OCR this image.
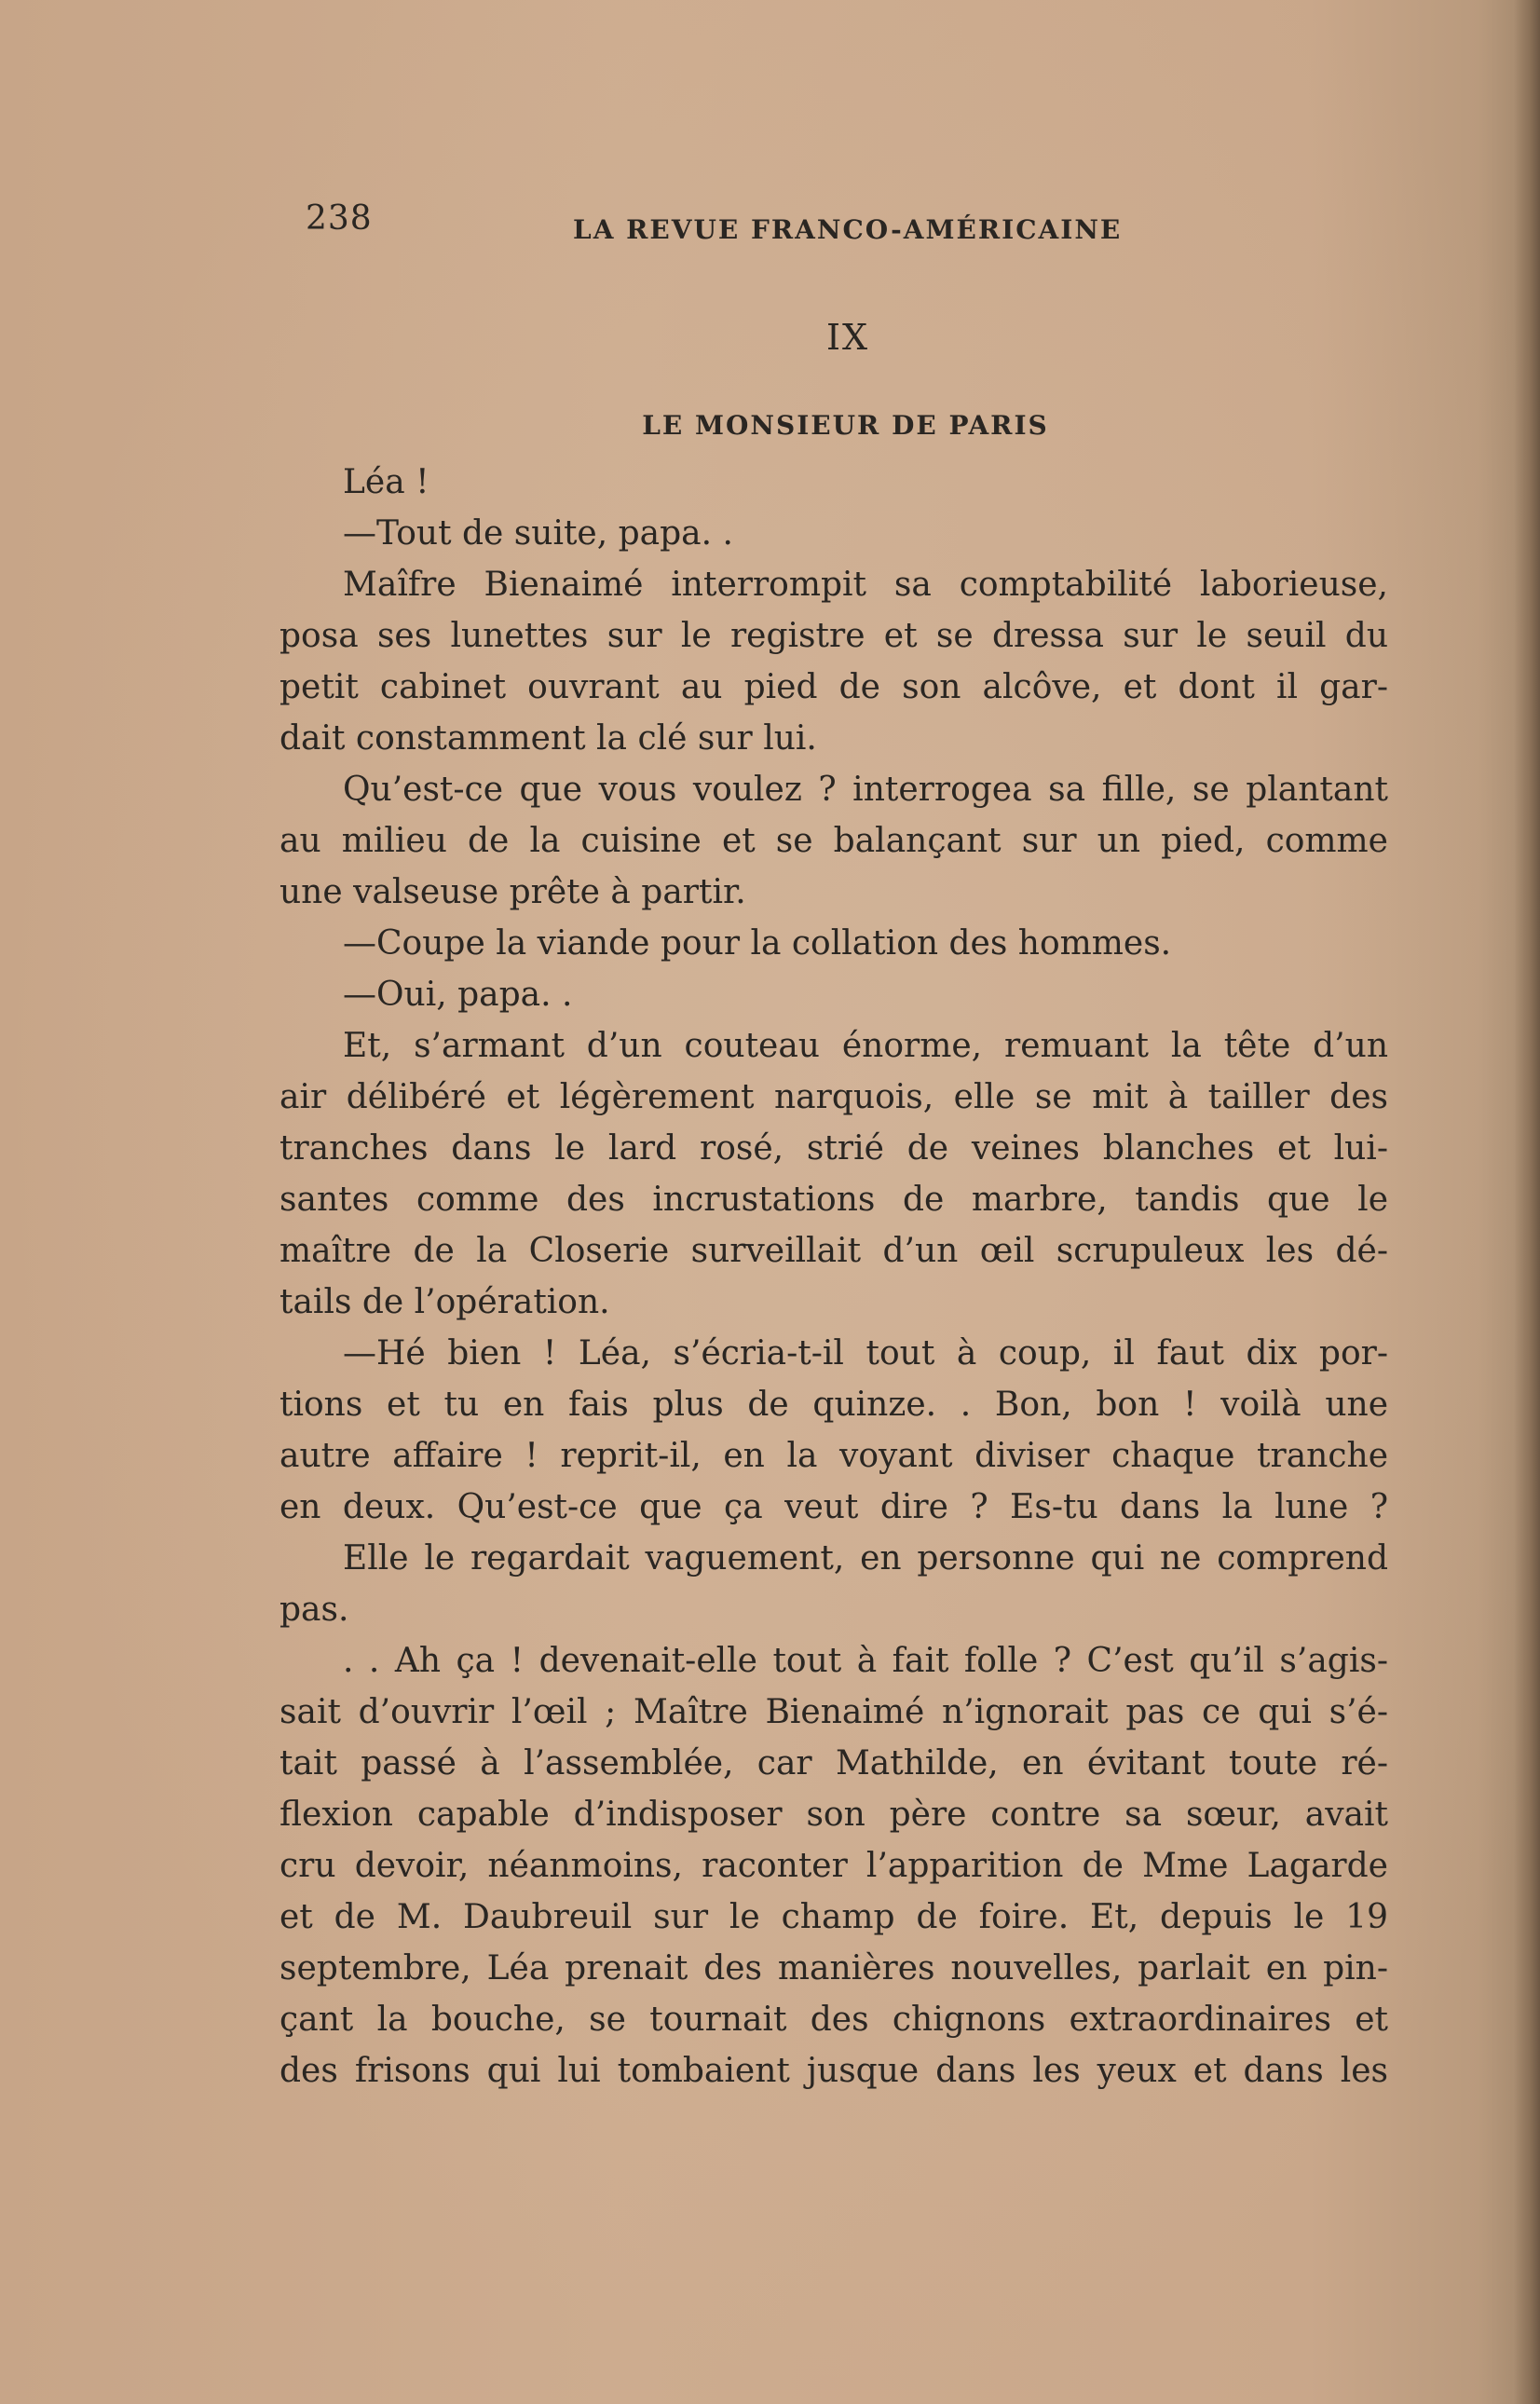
238	LA REVUE FRANCO-AMÉRICAINE
IX
LE MONSIEUR DE PARIS
Léa !
—Tout de suite, papa. .
Maîfre Bienaimé interrompit sa comptabilité laborieuse,
posa ses lunettes sur le registre et se dressa sur le seuil du
petit cabinet ouvrant au pied de son alcôve, et dont il gar-
dait constamment la clé sur lui.
Qu’est-ce que vous voulez ? interrogea sa fille, se plantant
au milieu de la cuisine et se balançant sur un pied, comme
une valseuse prête à partir.
—Coupe la viande pour la collation des hommes.
—Oui, papa. .
Et, s’armant d’un couteau énorme, remuant la tête d’un
air délibéré et légèrement narquois, elle se mit à tailler des
tranches dans le lard rosé, strié de veines blanches et lui-
santes comme des incrustations de marbre, tandis que le
maître de la Closerie surveillait d’un œil scrupuleux les dé-
tails de l’opération.
—Hé bien ! Léa, s’écria-t-il tout à coup, il faut dix por-
tions et tu en fais plus de quinze. . Bon, bon ! voilà une
autre affaire ! reprit-il, en la voyant diviser chaque tranche
en deux. Qu’est-ce que ça veut dire ? Es-tu dans la lune ?
Elle le regardait vaguement, en personne qui ne comprend
pas.
. . Ah ça ! devenait-elle tout à fait folle ? C’est qu’il s’agis-
sait d’ouvrir l’œil ; Maître Bienaimé n’ignorait pas ce qui s’é-
tait passé à l’assemblée, car Mathilde, en évitant toute ré-
flexion capable d’indisposer son père contre sa sœur, avait
cru devoir, néanmoins, raconter l’apparition de Mme Lagarde
et de M. Daubreuil sur le champ de foire. Et, depuis le 19
septembre, Léa prenait des manières nouvelles, parlait en pin-
çant la bouche, se tournait des chignons extraordinaires et
des frisons qui lui tombaient jusque dans les yeux et dans les
